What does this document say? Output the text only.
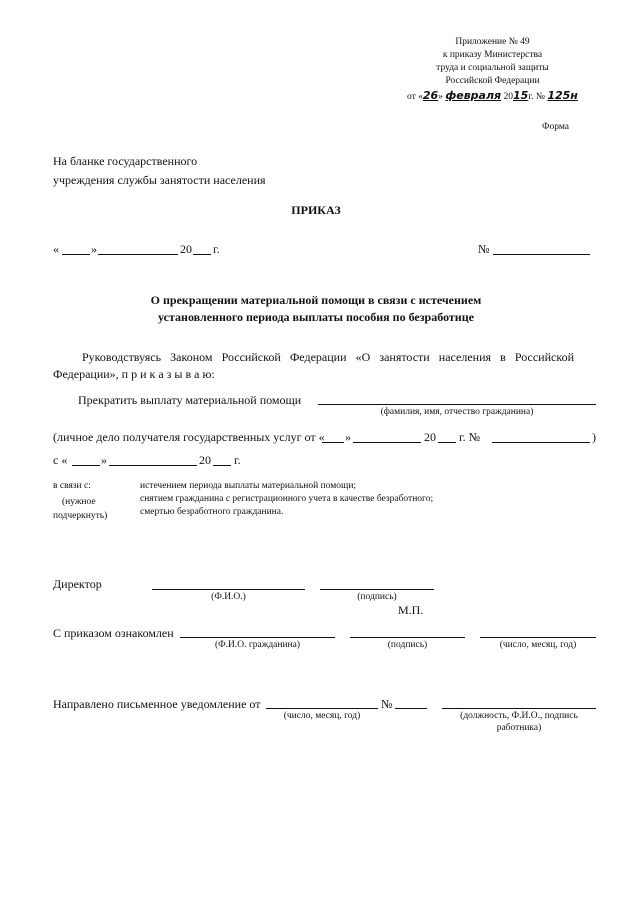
Приложение № 49
к приказу Министерства
труда и социальной защиты
Российской Федерации
от «26» февраля 2015г. № 125н
Форма
На бланке государственного
учреждения службы занятости населения
ПРИКАЗ
«	»	20 г.	№
О прекращении материальной помощи в связи с истечением
установленного периода выплаты пособия по безработице
Руководствуясь Законом Российской Федерации «О занятости населения в Российской
Федерации», п р и к а з ы в а ю:
Прекратить выплату материальной помощи
(фамилия, имя, отчество гражданина)
(личное дело получателя государственных услуг от « »	20 г. №	)
с «	»	20 г.
в связи с:
(нужное
подчеркнуть)
истечением периода выплаты материальной помощи;
снятием гражданина с регистрационного учета в качестве безработного;
смертью безработного гражданина.
Директор
(Ф.И.О.)	(подпись)
М.П.
С приказом ознакомлен
(Ф.И.О. гражданина)	(подпись)	(число, месяц, год)
Направлено письменное уведомление от
(число, месяц, год)
№
(должность, Ф.И.О., подпись
работника)
